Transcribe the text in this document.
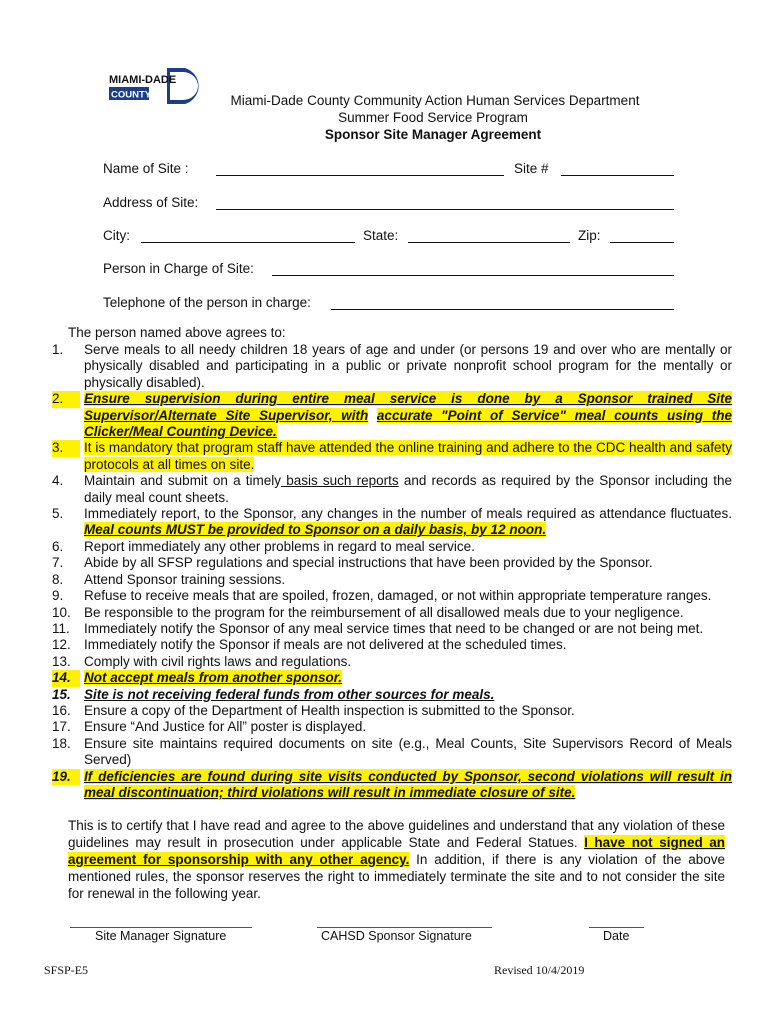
MIAMI-DADE
COUNTY	Miami-Dade County Community Action Human Services Department
Summer Food Service Program
Sponsor Site Manager Agreement
Name of Site :	Site #
Address of Site:
City:	State:	Zip:
Person in Charge of Site:
Telephone of the person in charge:
The person named above agrees to:
1.	Serve meals to all needy children 18 years of age and under (or persons 19 and over who are mentally or physically disabled and participating in a public or private nonprofit school program for the mentally or physically disabled).
2.	Ensure supervision during entire meal service is done by a Sponsor trained Site Supervisor/Alternate Site Supervisor, with accurate "Point of Service" meal counts using the Clicker/Meal Counting Device.
3.	It is mandatory that program staff have attended the online training and adhere to the CDC health and safety protocols at all times on site.
4.	Maintain and submit on a timely basis such reports and records as required by the Sponsor including the daily meal count sheets.
5.	Immediately report, to the Sponsor, any changes in the number of meals required as attendance fluctuates. Meal counts MUST be provided to Sponsor on a daily basis, by 12 noon.
6.	Report immediately any other problems in regard to meal service.
7.	Abide by all SFSP regulations and special instructions that have been provided by the Sponsor.
8.	Attend Sponsor training sessions.
9.	Refuse to receive meals that are spoiled, frozen, damaged, or not within appropriate temperature ranges.
10. Be responsible to the program for the reimbursement of all disallowed meals due to your negligence.
11.	Immediately notify the Sponsor of any meal service times that need to be changed or are not being met.
12. Immediately notify the Sponsor if meals are not delivered at the scheduled times.
13. Comply with civil rights laws and regulations.
14. Not accept meals from another sponsor.
15. Site is not receiving federal funds from other sources for meals.
16. Ensure a copy of the Department of Health inspection is submitted to the Sponsor.
17. Ensure “And Justice for All” poster is displayed.
18. Ensure site maintains required documents on site (e.g., Meal Counts, Site Supervisors Record of Meals Served)
19. If deficiencies are found during site visits conducted by Sponsor, second violations will result in meal discontinuation; third violations will result in immediate closure of site.
This is to certify that I have read and agree to the above guidelines and understand that any violation of these guidelines may result in prosecution under applicable State and Federal Statues. I have not signed an agreement for sponsorship with any other agency. In addition, if there is any violation of the above mentioned rules, the sponsor reserves the right to immediately terminate the site and to not consider the site for renewal in the following year.
Site Manager Signature	CAHSD Sponsor Signature	Date
SFSP-E5	Revised 10/4/2019
